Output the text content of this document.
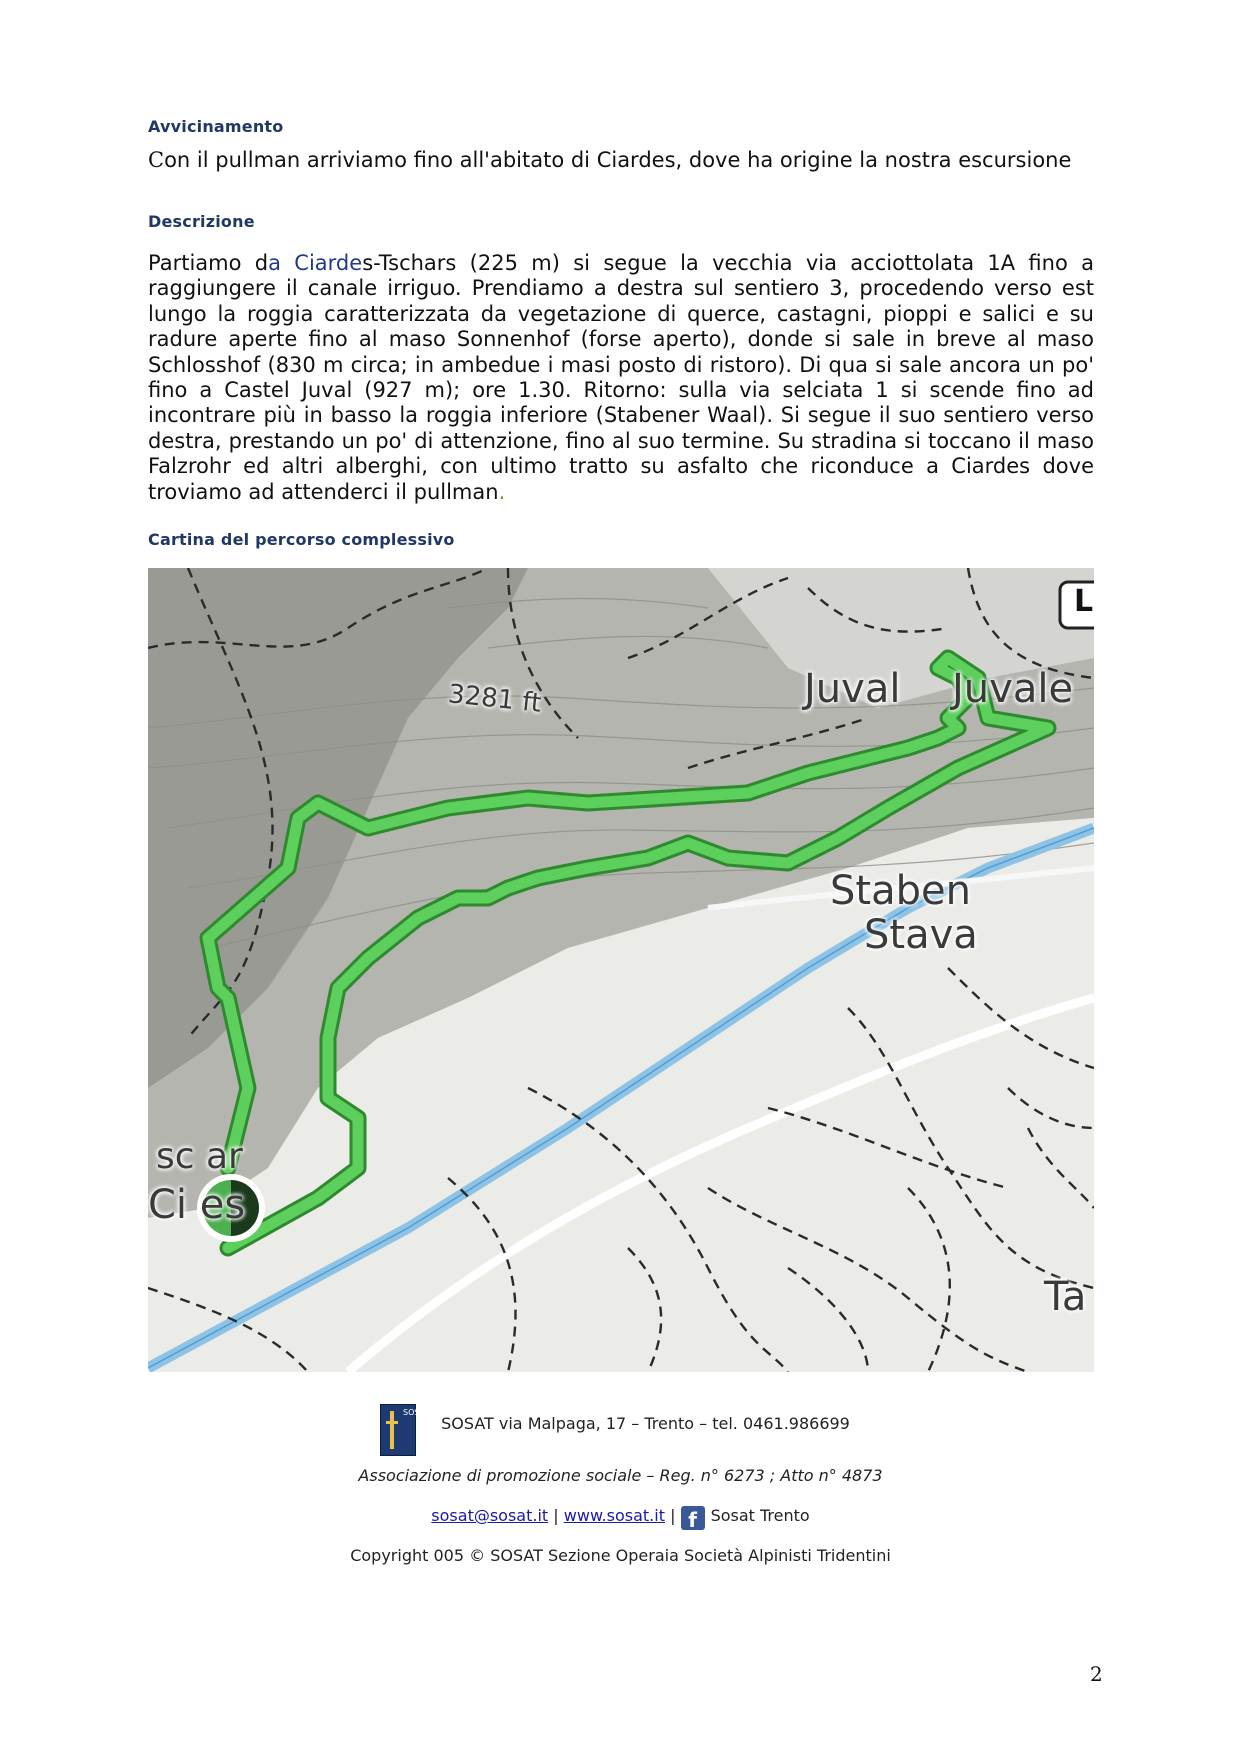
Avvicinamento
Con il pullman arriviamo fino all'abitato di Ciardes, dove ha origine la nostra escursione
Descrizione
Partiamo da Ciardes-Tschars (225 m) si segue la vecchia via acciottolata 1A fino a raggiungere il canale irriguo. Prendiamo a destra sul sentiero 3, procedendo verso est lungo la roggia caratterizzata da vegetazione di querce, castagni, pioppi e salici e su radure aperte fino al maso Sonnenhof (forse aperto), donde si sale in breve al maso Schlosshof (830 m circa; in ambedue i masi posto di ristoro). Di qua si sale ancora un po' fino a Castel Juval (927 m); ore 1.30. Ritorno: sulla via selciata 1 si scende fino ad incontrare più in basso la roggia inferiore (Stabener Waal). Si segue il suo sentiero verso destra, prestando un po' di attenzione, fino al suo termine. Su stradina si toccano il maso Falzrohr ed altri alberghi, con ultimo tratto su asfalto che riconduce a Ciardes dove troviamo ad attenderci il pullman.
Cartina del percorso complessivo
3281 ft	Juval Juvale
Staben
Stava
sc ar
Ci es
Ta
L
SOSAT
SOSAT via Malpaga, 17 – Trento – tel. 0461.986699
Associazione di promozione sociale – Reg. n° 6273 ; Atto n° 4873
sosat@sosat.it | www.sosat.it | f Sosat Trento
Copyright 005 © SOSAT Sezione Operaia Società Alpinisti Tridentini
2
